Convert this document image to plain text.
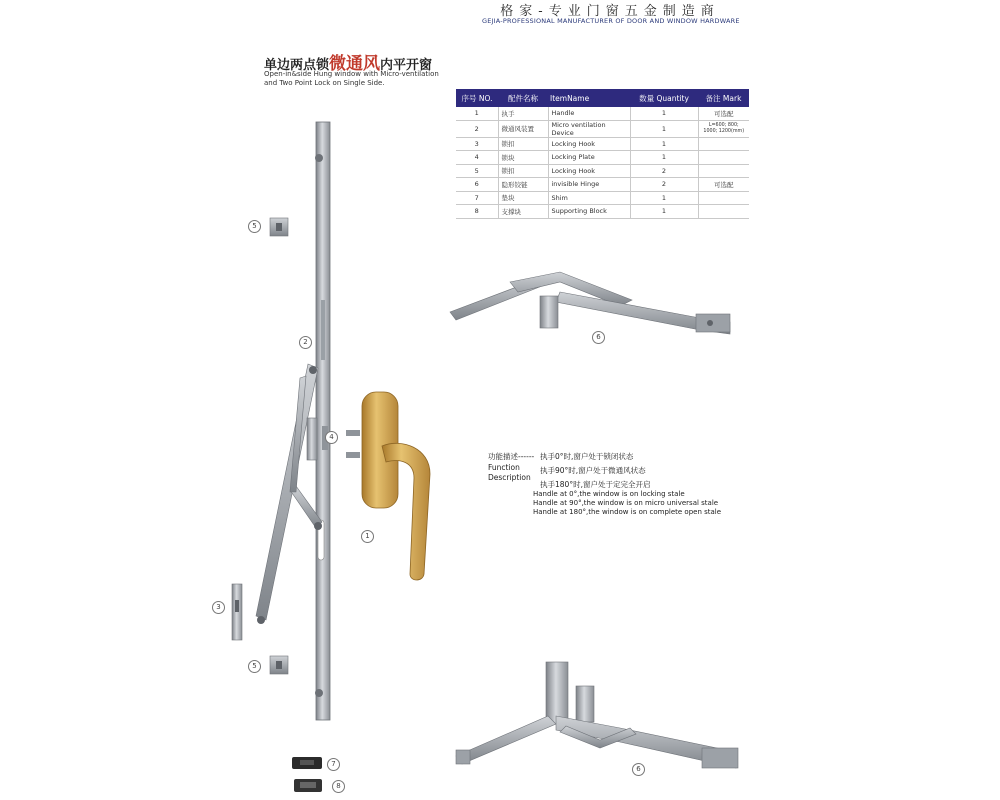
格家-专业门窗五金制造商
GEJIA-PROFESSIONAL MANUFACTURER OF DOOR AND WINDOW HARDWARE
单边两点锁微通风内平开窗
Open-in&side Hung window with Micro-ventilation
and Two Point Lock on Single Side.
序号 NO.	配件名称	ItemName	数量 Quantity	备注 Mark
1	执手	Handle	1	可选配
2	微通风装置	Micro ventilation Device	1	L=600; 800; 1000; 1200(mm)
3	锁扣	Locking Hook	1	
4	锁块	Locking Plate	1	
5	锁扣	Locking Hook	2	
6	隐形铰链	invisible Hinge	2	可选配
7	垫块	Shim	1	
8	支撑块	Supporting Block	1	
5
2
4
1
3
5
7
8
6
6
功能描述------
Function
Description
执手0°时,窗户处于锁闭状态
执手90°时,窗户处于微通风状态
执手180°时,窗户处于定完全开启
Handle at 0°,the window is on locking stale
Handle at 90°,the window is on micro universal stale
Handle at 180°,the window is on complete open stale
